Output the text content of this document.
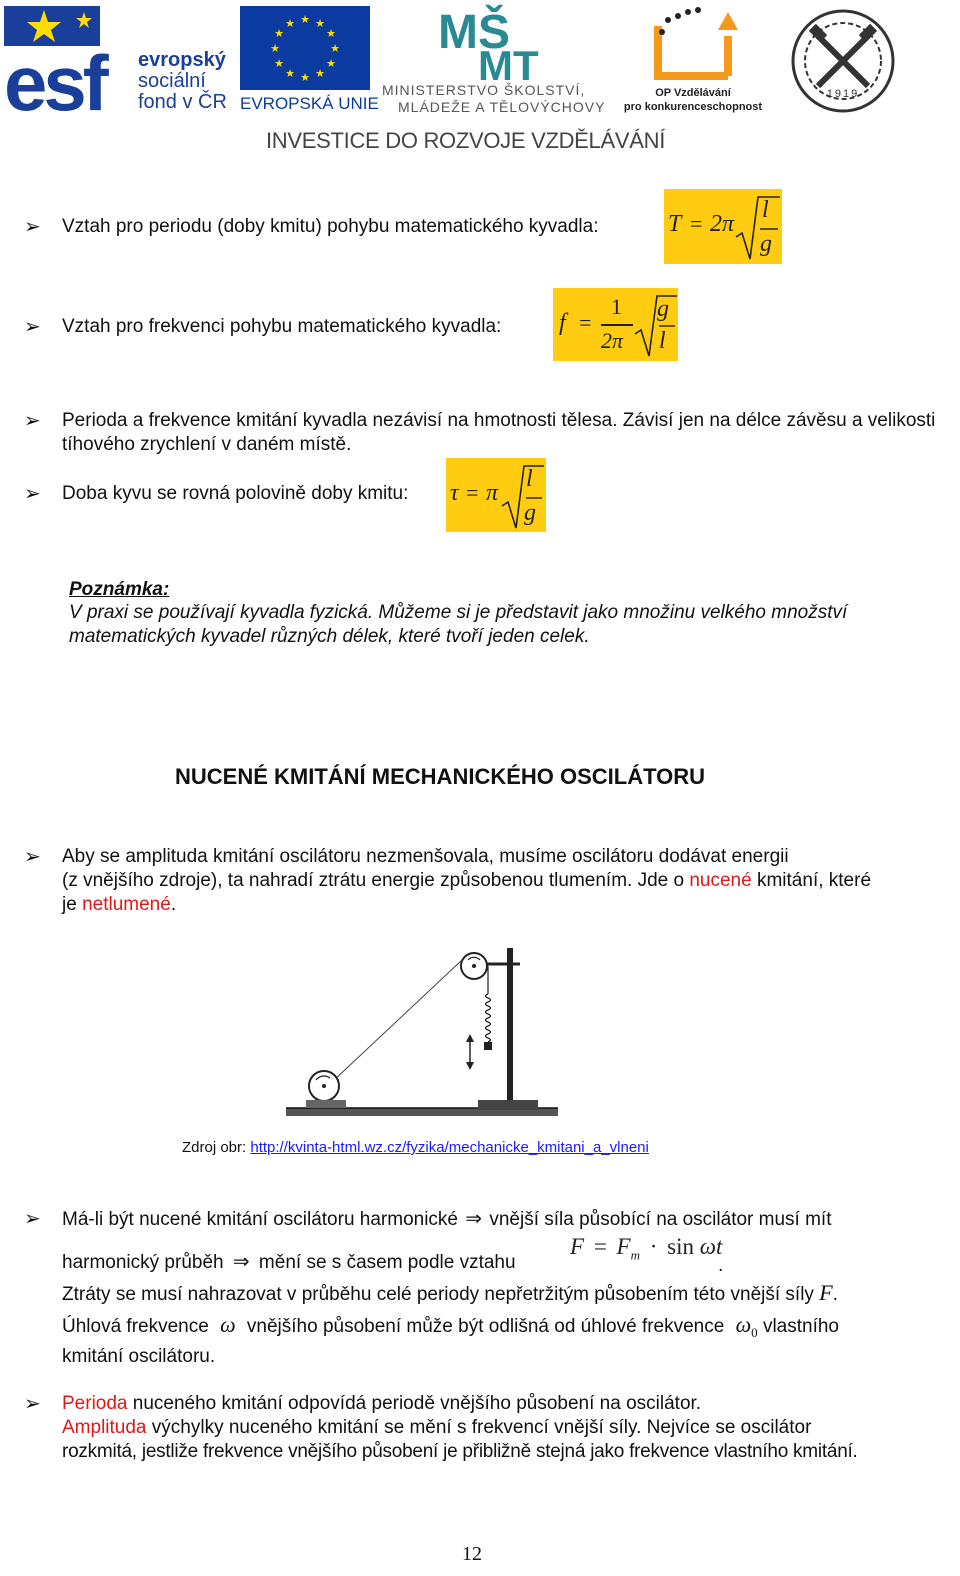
esf evropský
sociální
fond v ČR
★ ★
★
★
★
★
★
★
★
★
★
★
EVROPSKÁ UNIE
MŠ
MT
MINISTERSTVO ŠKOLSTVÍ,
MLÁDEŽE A TĚLOVÝCHOVY
OP Vzdělávání
pro konkurenceschopnost
1919
INVESTICE DO ROZVOJE VZDĚLÁVÁNÍ
➢
Vztah pro periodu (doby kmitu) pohybu matematického kyvadla:	T = 2π
l
g
➢
Vztah pro frekvenci pohybu matematického kyvadla: f =
1
2π
g
l
➢
Perioda a frekvence kmitání kyvadla nezávisí na hmotnosti tělesa. Závisí jen na délce závěsu a velikosti tíhového zrychlení v daném místě.
➢
Doba kyvu se rovná polovině doby kmitu: τ = π
l
g
Poznámka:
V praxi se používají kyvadla fyzická. Můžeme si je představit jako množinu velkého množství matematických kyvadel různých délek, které tvoří jeden celek.
NUCENÉ KMITÁNÍ MECHANICKÉHO OSCILÁTORU
➢
Aby se amplituda kmitání oscilátoru nezmenšovala, musíme oscilátoru dodávat energii
(z vnějšího zdroje), ta nahradí ztrátu energie způsobenou tlumením. Jde o nucené kmitání, které
je netlumené.
Zdroj obr: http://kvinta-html.wz.cz/fyzika/mechanicke_kmitani_a_vlneni
➢
Má-li být nucené kmitání oscilátoru harmonické ⇒ vnější síla působící na oscilátor musí mít
harmonický průběh ⇒ mění se s časem podle vztahu
$F = F_m \cdot \sin \omega t$
.
Ztráty se musí nahrazovat v průběhu celé periody nepřetržitým působením této vnější síly F.
Úhlová frekvence ω vnějšího působení může být odlišná od úhlové frekvence $\omega_0$ vlastního
kmitání oscilátoru.
➢
Perioda nuceného kmitání odpovídá periodě vnějšího působení na oscilátor.
Amplituda výchylky nuceného kmitání se mění s frekvencí vnější síly. Nejvíce se oscilátor
rozkmitá, jestliže frekvence vnějšího působení je přibližně stejná jako frekvence vlastního kmitání.
12
